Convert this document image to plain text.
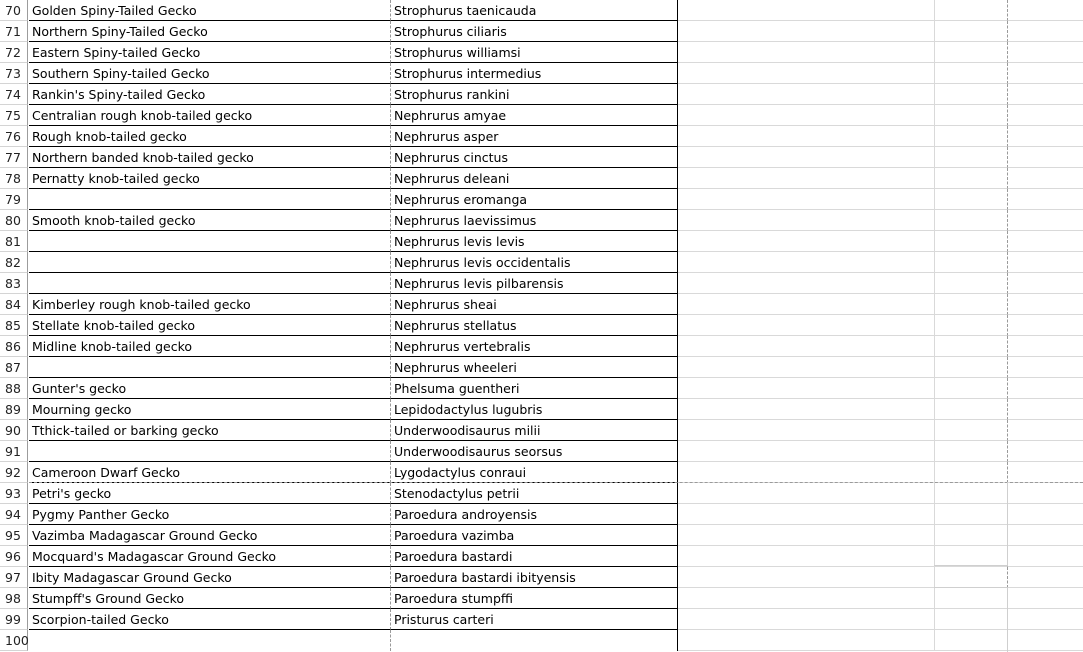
70 Golden Spiny-Tailed Gecko	Strophurus taenicauda
71 Northern Spiny-Tailed Gecko	Strophurus ciliaris
72 Eastern Spiny-tailed Gecko	Strophurus williamsi
73 Southern Spiny-tailed Gecko	Strophurus intermedius
74 Rankin's Spiny-tailed Gecko	Strophurus rankini
75 Centralian rough knob-tailed gecko	Nephrurus amyae
76 Rough knob-tailed gecko	Nephrurus asper
77 Northern banded knob-tailed gecko	Nephrurus cinctus
78 Pernatty knob-tailed gecko	Nephrurus deleani
79	Nephrurus eromanga
80 Smooth knob-tailed gecko	Nephrurus laevissimus
81	Nephrurus levis levis
82	Nephrurus levis occidentalis
83	Nephrurus levis pilbarensis
84 Kimberley rough knob-tailed gecko	Nephrurus sheai
85 Stellate knob-tailed gecko	Nephrurus stellatus
86 Midline knob-tailed gecko	Nephrurus vertebralis
87	Nephrurus wheeleri
88 Gunter's gecko	Phelsuma guentheri
89 Mourning gecko	Lepidodactylus lugubris
90 Tthick-tailed or barking gecko	Underwoodisaurus milii
91	Underwoodisaurus seorsus
92 Cameroon Dwarf Gecko	Lygodactylus conraui
93 Petri's gecko	Stenodactylus petrii
94 Pygmy Panther Gecko	Paroedura androyensis
95 Vazimba Madagascar Ground Gecko	Paroedura vazimba
96 Mocquard's Madagascar Ground Gecko	Paroedura bastardi
97 Ibity Madagascar Ground Gecko	Paroedura bastardi ibityensis
98 Stumpff's Ground Gecko	Paroedura stumpffi
99 Scorpion-tailed Gecko	Pristurus carteri
100
